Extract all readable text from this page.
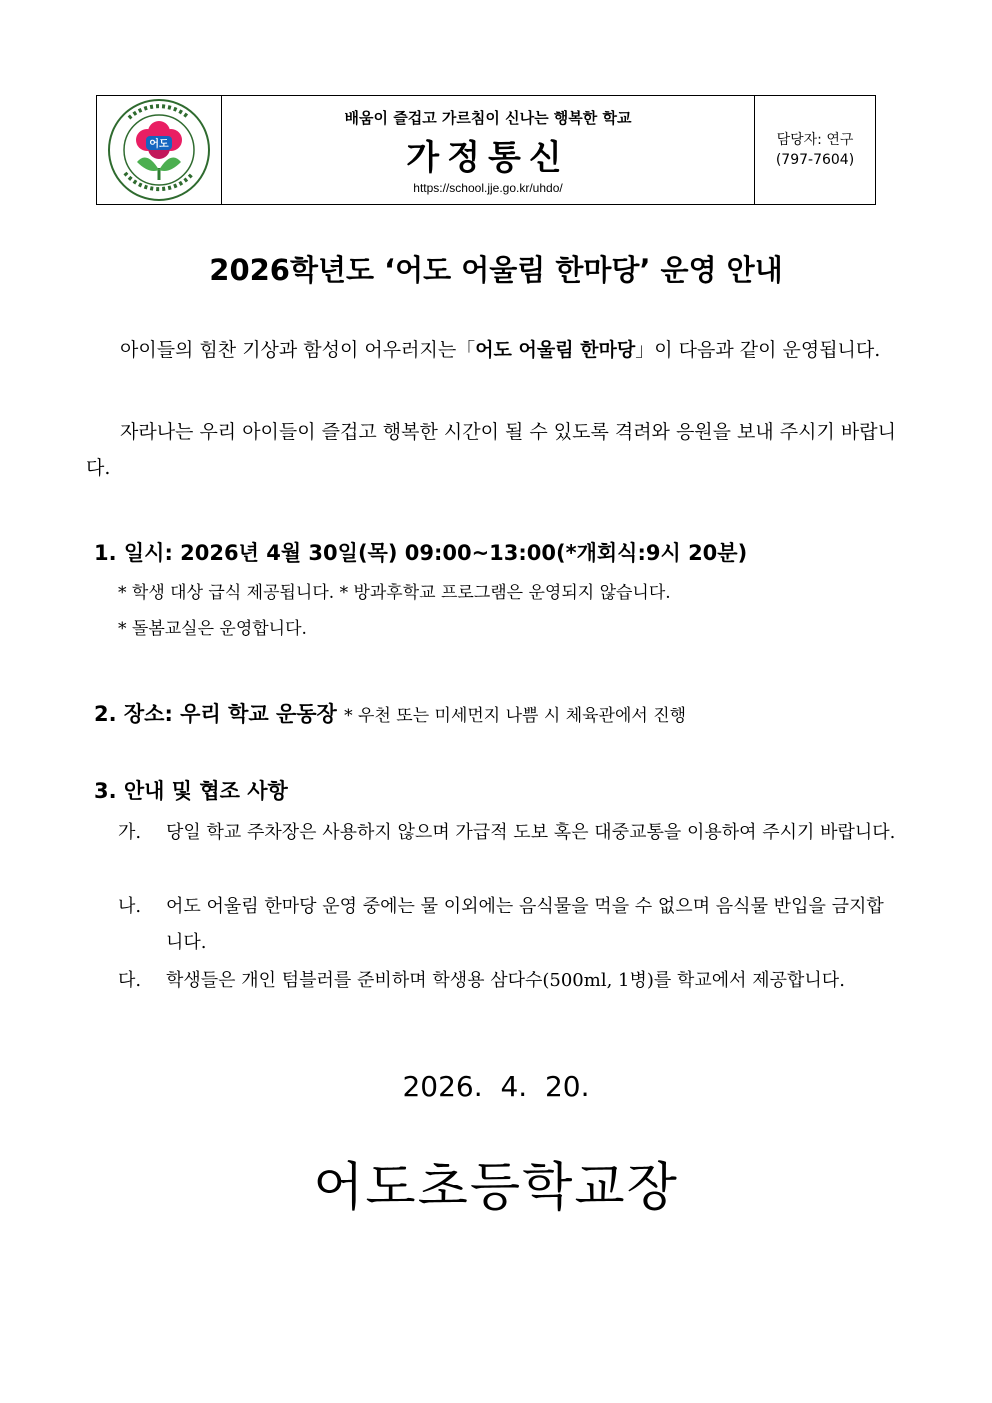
어도
배움이 즐겁고 가르침이 신나는 행복한 학교
가정통신
https://school.jje.go.kr/uhdo/
담당자: 연구
(797-7604)
2026학년도 ‘어도 어울림 한마당’ 운영 안내
아이들의 힘찬 기상과 함성이 어우러지는「어도 어울림 한마당」이 다음과 같이 운영됩니다.
자라나는 우리 아이들이 즐겁고 행복한 시간이 될 수 있도록 격려와 응원을 보내 주시기 바랍니다.
1. 일시: 2026년 4월 30일(목) 09:00~13:00(*개회식:9시 20분)
* 학생 대상 급식 제공됩니다. * 방과후학교 프로그램은 운영되지 않습니다.
* 돌봄교실은 운영합니다.
2. 장소: 우리 학교 운동장 * 우천 또는 미세먼지 나쁨 시 체육관에서 진행
3. 안내 및 협조 사항
가.	당일 학교 주차장은 사용하지 않으며 가급적 도보 혹은 대중교통을 이용하여 주시기 바랍니다.
나.	어도 어울림 한마당 운영 중에는 물 이외에는 음식물을 먹을 수 없으며 음식물 반입을 금지합니다.
다.	학생들은 개인 텀블러를 준비하며 학생용 삼다수(500ml, 1병)를 학교에서 제공합니다.
2026.  4.  20.
어도초등학교장
